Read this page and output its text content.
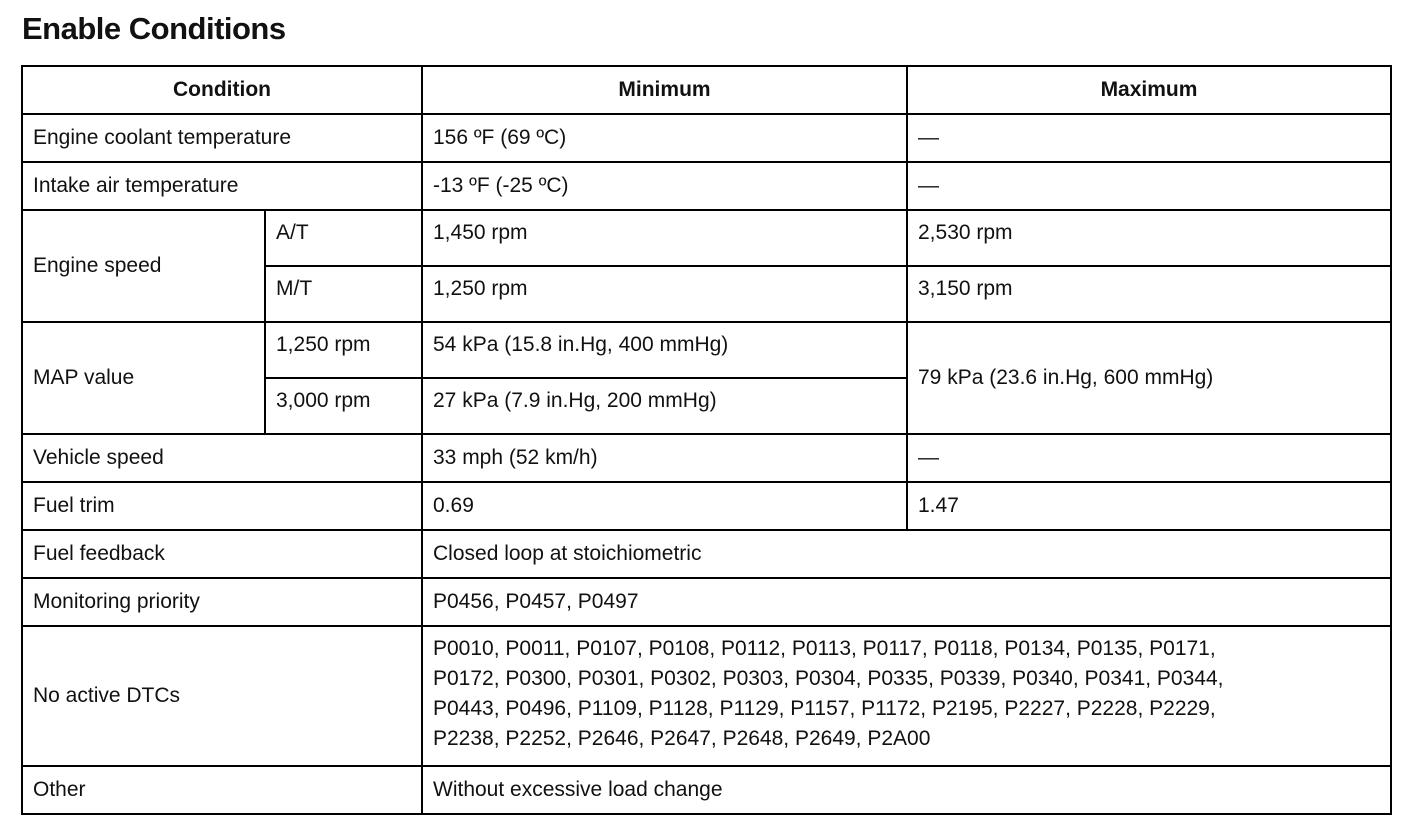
Enable Conditions
Condition		Minimum	Maximum
Engine coolant temperature		156 ºF (69 ºC)	—
Intake air temperature		-13 ºF (-25 ºC)	—
Engine speed	A/T	1,450 rpm	2,530 rpm
	M/T	1,250 rpm	3,150 rpm
MAP value	1,250 rpm	54 kPa (15.8 in.Hg, 400 mmHg)	79 kPa (23.6 in.Hg, 600 mmHg)
	3,000 rpm	27 kPa (7.9 in.Hg, 200 mmHg)	
Vehicle speed		33 mph (52 km/h)	—
Fuel trim		0.69	1.47
Fuel feedback		Closed loop at stoichiometric	
Monitoring priority		P0456, P0457, P0497	
No active DTCs		P0010, P0011, P0107, P0108, P0112, P0113, P0117, P0118, P0134, P0135, P0171,
P0172, P0300, P0301, P0302, P0303, P0304, P0335, P0339, P0340, P0341, P0344,
P0443, P0496, P1109, P1128, P1129, P1157, P1172, P2195, P2227, P2228, P2229,
P2238, P2252, P2646, P2647, P2648, P2649, P2A00	

Other		Without excessive load change	
